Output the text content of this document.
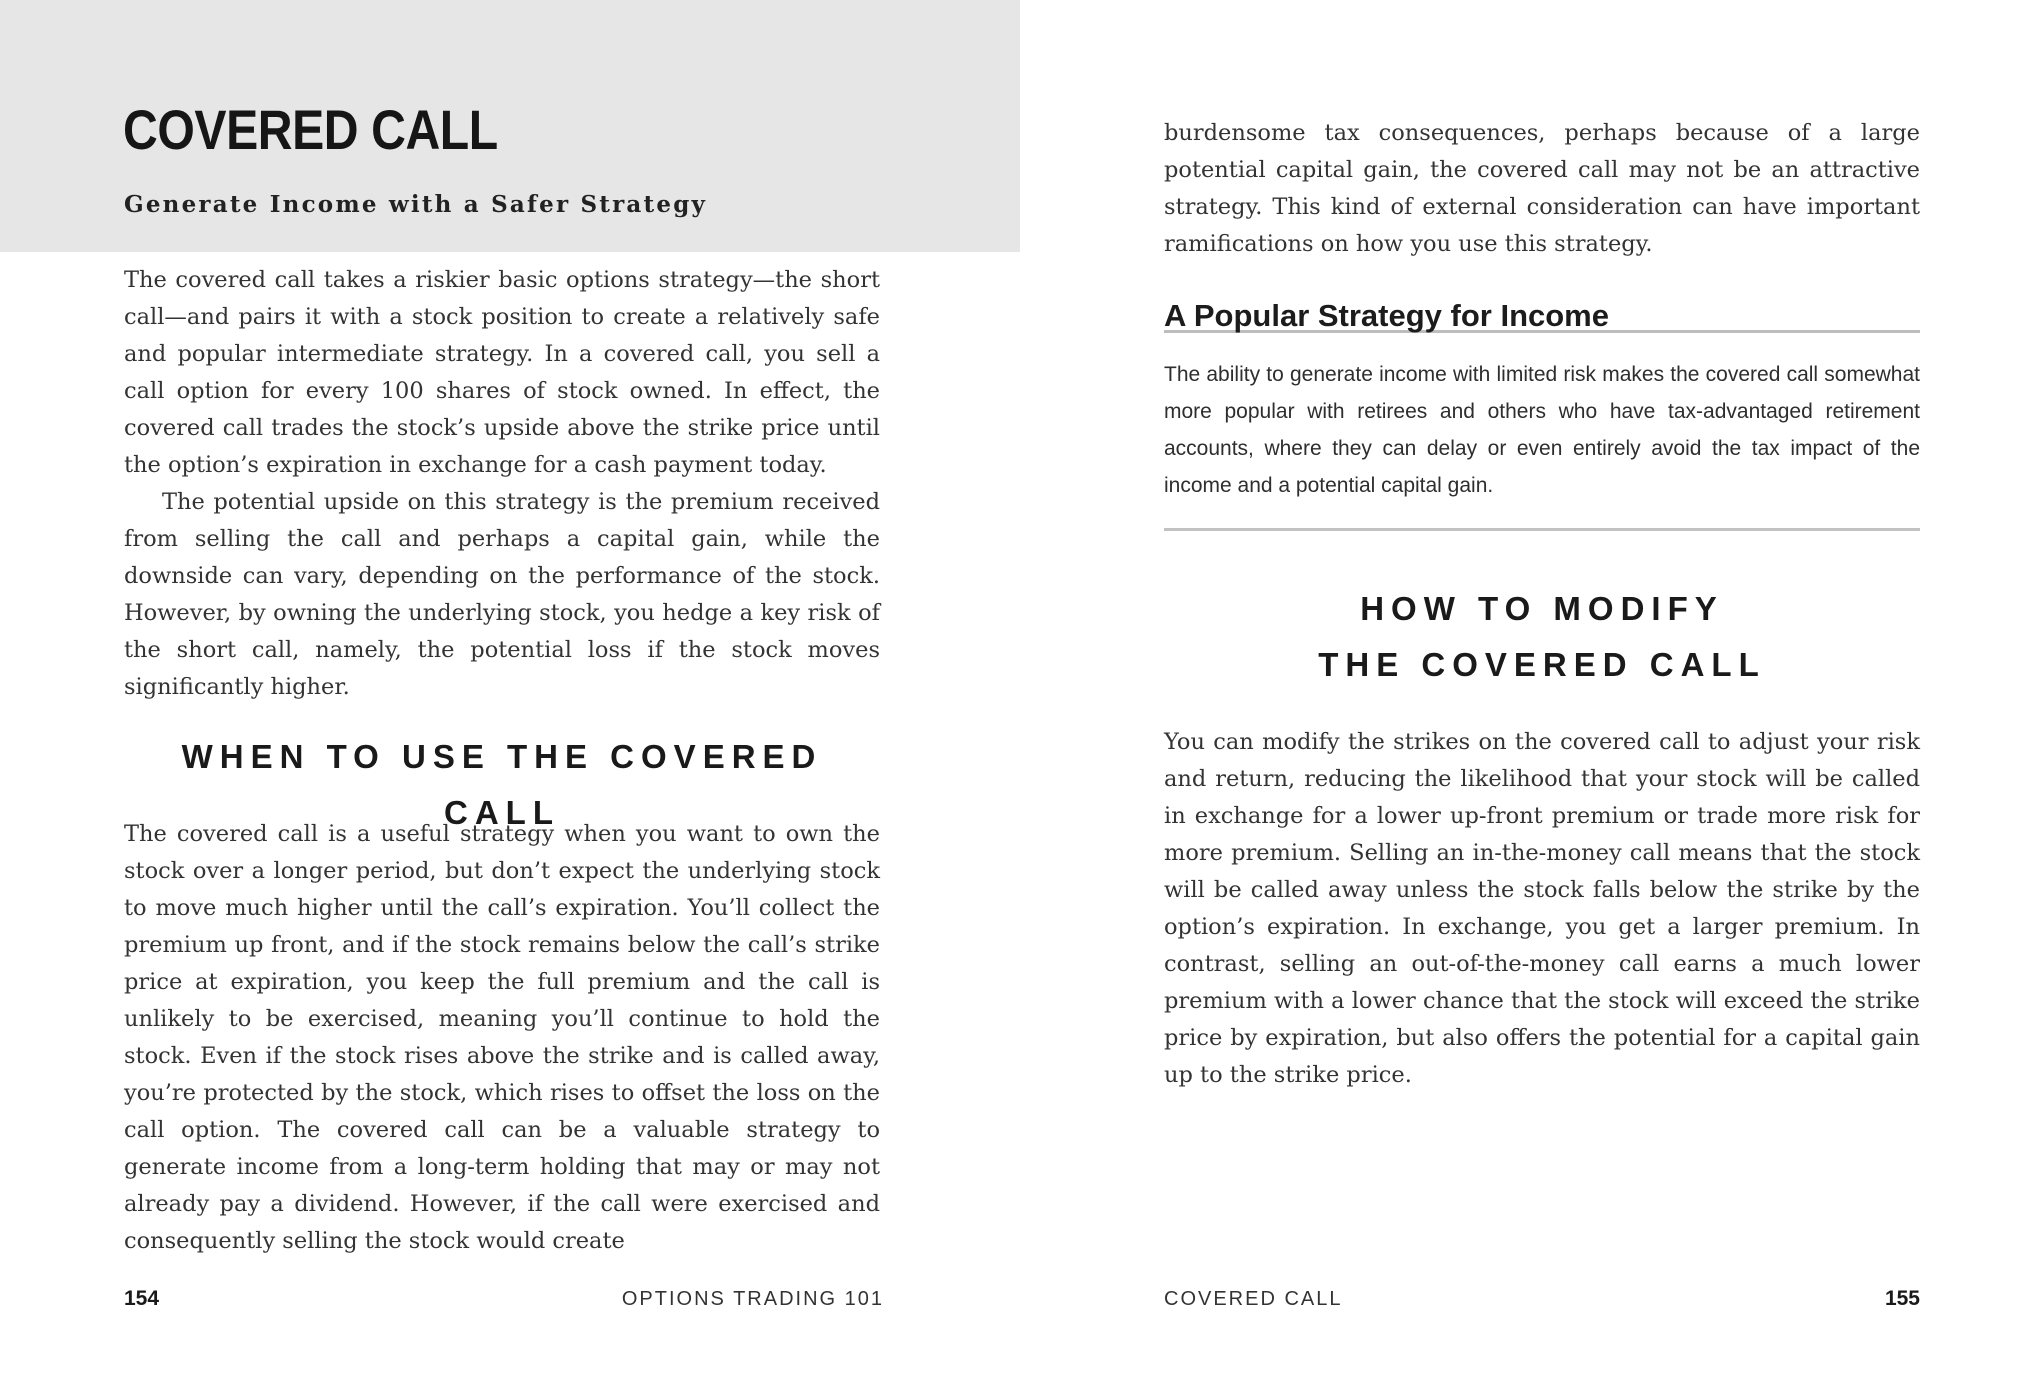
COVERED CALL
Generate Income with a Safer Strategy

The covered call takes a riskier basic options strategy—the short call—and pairs it with a stock position to create a relatively safe and popular intermediate strategy. In a covered call, you sell a call option for every 100 shares of stock owned. In effect, the covered call trades the stock’s upside above the strike price until the option’s expiration in exchange for a cash payment today.

The potential upside on this strategy is the premium received from selling the call and perhaps a capital gain, while the downside can vary, depending on the performance of the stock. However, by owning the underlying stock, you hedge a key risk of the short call, namely, the potential loss if the stock moves significantly higher.

WHEN TO USE THE COVERED CALL

The covered call is a useful strategy when you want to own the stock over a longer period, but don’t expect the underlying stock to move much higher until the call’s expiration. You’ll collect the premium up front, and if the stock remains below the call’s strike price at expiration, you keep the full premium and the call is unlikely to be exercised, meaning you’ll continue to hold the stock. Even if the stock rises above the strike and is called away, you’re protected by the stock, which rises to offset the loss on the call option. The covered call can be a valuable strategy to generate income from a long-term holding that may or may not already pay a dividend. However, if the call were exercised and consequently selling the stock would create

154	OPTIONS TRADING 101

burdensome tax consequences, perhaps because of a large potential capital gain, the covered call may not be an attractive strategy. This kind of external consideration can have important ramifications on how you use this strategy.

A Popular Strategy for Income

The ability to generate income with limited risk makes the covered call somewhat more popular with retirees and others who have tax-advantaged retirement accounts, where they can delay or even entirely avoid the tax impact of the income and a potential capital gain.

HOW TO MODIFY
THE COVERED CALL

You can modify the strikes on the covered call to adjust your risk and return, reducing the likelihood that your stock will be called in exchange for a lower up-front premium or trade more risk for more premium. Selling an in-the-money call means that the stock will be called away unless the stock falls below the strike by the option’s expiration. In exchange, you get a larger premium. In contrast, selling an out-of-the-money call earns a much lower premium with a lower chance that the stock will exceed the strike price by expiration, but also offers the potential for a capital gain up to the strike price.

COVERED CALL	155
